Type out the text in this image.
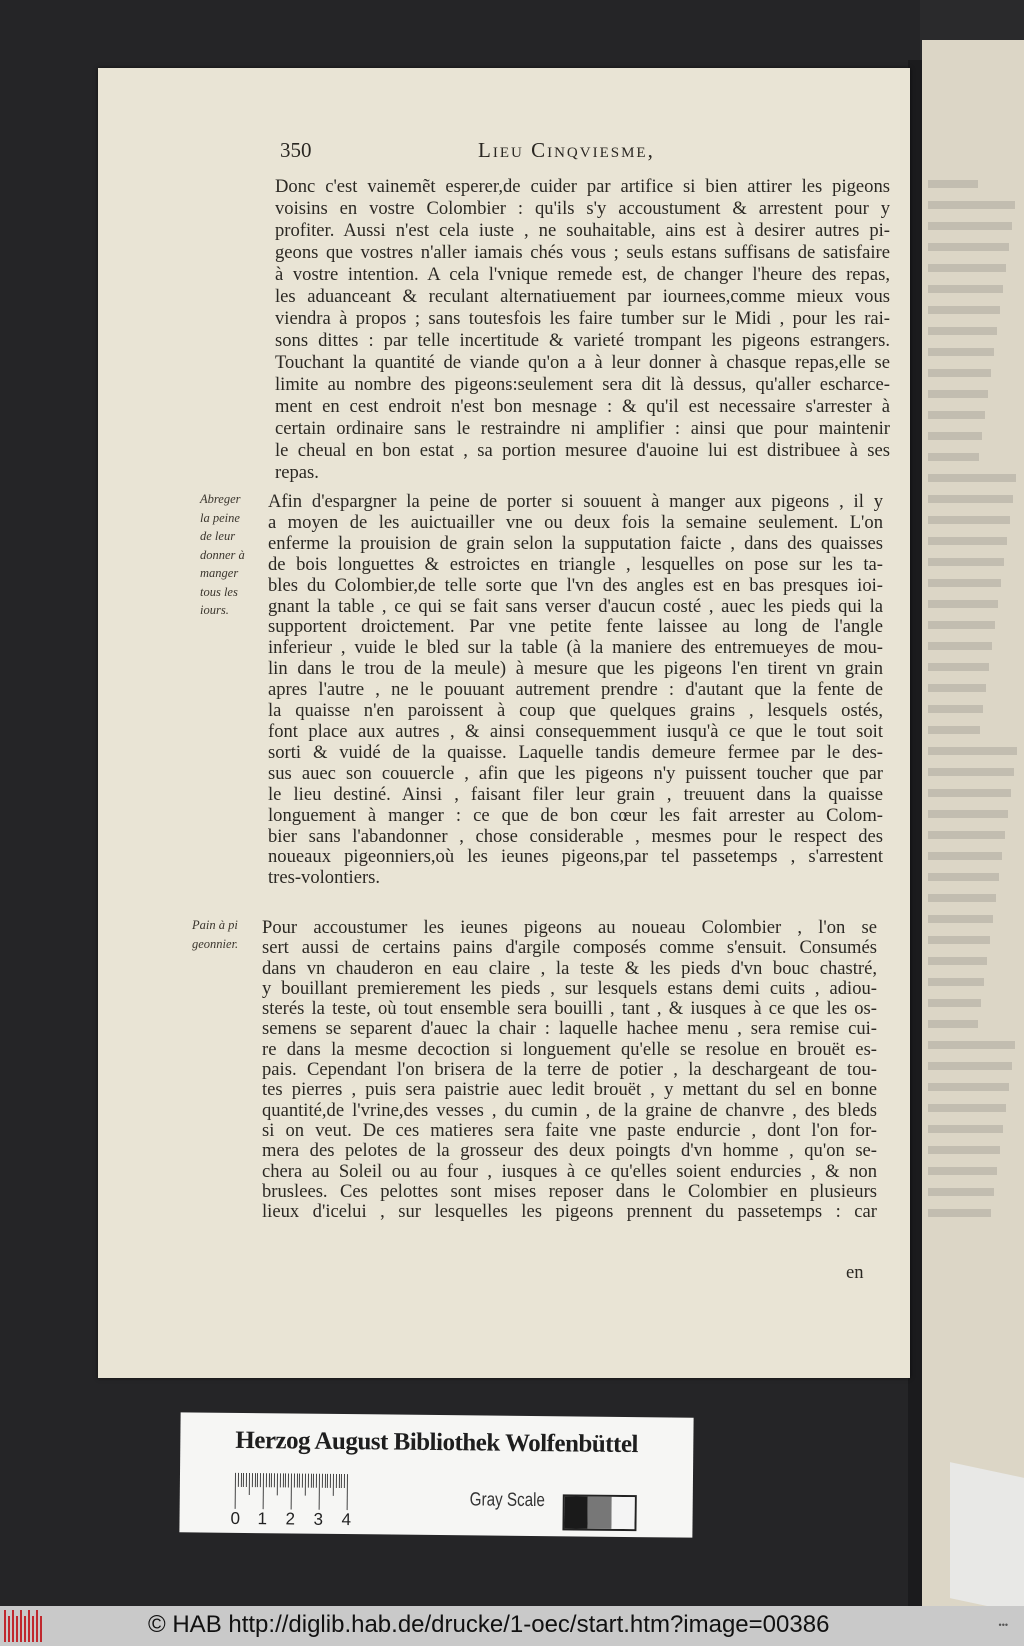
350	Lieu Cinqviesme,
Donc c'est vainemẽt esperer,de cuider par artifice si bien attirer les pigeons
voisins en vostre Colombier : qu'ils s'y accoustument & arrestent pour y
profiter. Aussi n'est cela iuste , ne souhaitable, ains est à desirer autres pi-
geons que vostres n'aller iamais chés vous ; seuls estans suffisans de satisfaire
à vostre intention. A cela l'vnique remede est, de changer l'heure des repas,
les aduanceant & reculant alternatiuement par iournees,comme mieux vous
viendra à propos ; sans toutesfois les faire tumber sur le Midi , pour les rai-
sons dittes : par telle incertitude & varieté trompant les pigeons estrangers.
Touchant la quantité de viande qu'on a à leur donner à chasque repas,elle se
limite au nombre des pigeons:seulement sera dit là dessus, qu'aller escharce-
ment en cest endroit n'est bon mesnage : & qu'il est necessaire s'arrester à
certain ordinaire sans le restraindre ni amplifier : ainsi que pour maintenir
le cheual en bon estat , sa portion mesuree d'auoine lui est distribuee à ses
repas.
Afin d'espargner la peine de porter si souuent à manger aux pigeons , il y
a moyen de les auictuailler vne ou deux fois la semaine seulement. L'on
enferme la prouision de grain selon la supputation faicte , dans des quaisses
de bois longuettes & estroictes en triangle , lesquelles on pose sur les ta-
bles du Colombier,de telle sorte que l'vn des angles est en bas presques ioi-
gnant la table , ce qui se fait sans verser d'aucun costé , auec les pieds qui la
supportent droictement. Par vne petite fente laissee au long de l'angle
inferieur , vuide le bled sur la table (à la maniere des entremueyes de mou-
lin dans le trou de la meule) à mesure que les pigeons l'en tirent vn grain
apres l'autre , ne le pouuant autrement prendre : d'autant que la fente de
la quaisse n'en paroissent à coup que quelques grains , lesquels ostés,
font place aux autres , & ainsi consequemment iusqu'à ce que le tout soit
sorti & vuidé de la quaisse. Laquelle tandis demeure fermee par le des-
sus auec son couuercle , afin que les pigeons n'y puissent toucher que par
le lieu destiné. Ainsi , faisant filer leur grain , treuuent dans la quaisse
longuement à manger : ce que de bon cœur les fait arrester au Colom-
bier sans l'abandonner , chose considerable , mesmes pour le respect des
noueaux pigeonniers,où les ieunes pigeons,par tel passetemps , s'arrestent
tres-volontiers.
Abreger
la peine
de leur
donner à
manger
tous les
iours.
Pour accoustumer les ieunes pigeons au noueau Colombier , l'on se
sert aussi de certains pains d'argile composés comme s'ensuit. Consumés
dans vn chauderon en eau claire , la teste & les pieds d'vn bouc chastré,
y bouillant premierement les pieds , sur lesquels estans demi cuits , adiou-
sterés la teste, où tout ensemble sera bouilli , tant , & iusques à ce que les os-
semens se separent d'auec la chair : laquelle hachee menu , sera remise cui-
re dans la mesme decoction si longuement qu'elle se resolue en brouët es-
pais. Cependant l'on brisera de la terre de potier , la deschargeant de tou-
tes pierres , puis sera paistrie auec ledit brouët , y mettant du sel en bonne
quantité,de l'vrine,des vesses , du cumin , de la graine de chanvre , des bleds
si on veut. De ces matieres sera faite vne paste endurcie , dont l'on for-
mera des pelotes de la grosseur des deux poingts d'vn homme , qu'on se-
chera au Soleil ou au four , iusques à ce qu'elles soient endurcies , & non
bruslees. Ces pelottes sont mises reposer dans le Colombier en plusieurs
lieux d'icelui , sur lesquelles les pigeons prennent du passetemps : car
Pain à pi
geonnier.
en
Herzog August Bibliothek Wolfenbüttel
0 1 2 3 4
Gray Scale
© HAB http://diglib.hab.de/drucke/1-oec/start.htm?image=00386	•••
